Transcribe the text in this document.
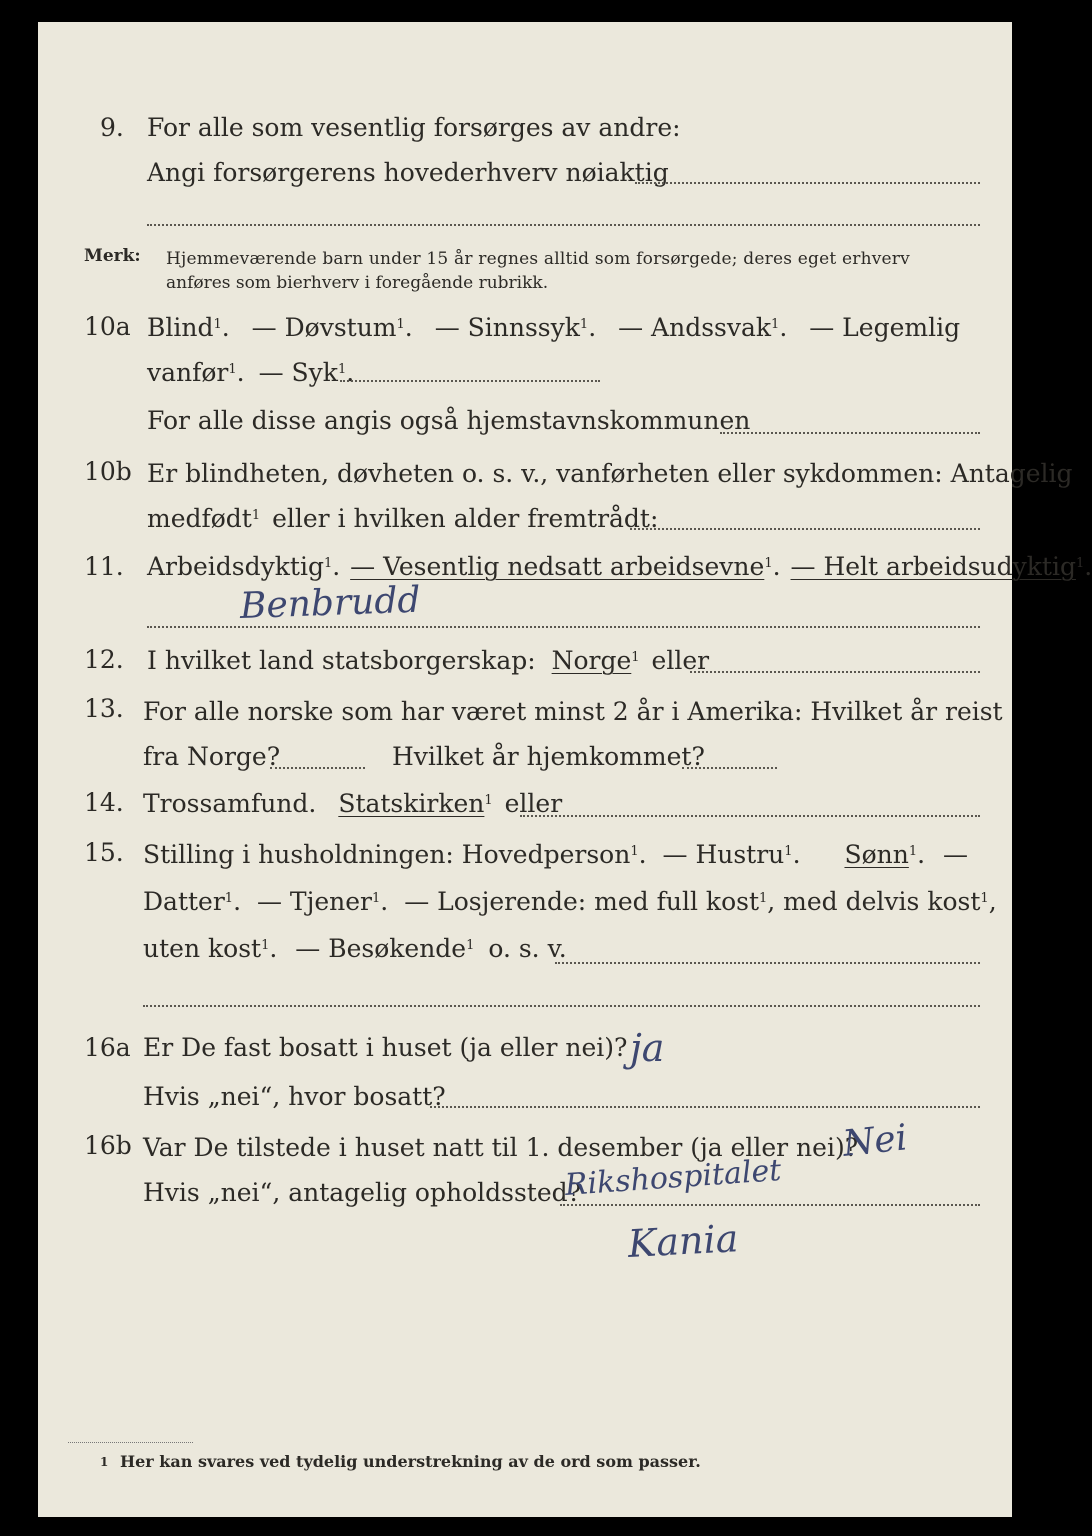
9. For alle som vesentlig forsørges av andre:
Angi forsørgerens hovederhverv nøiaktig
Merk: Hjemmeværende barn under 15 år regnes alltid som forsørgede; deres eget erhverv
anføres som bierhverv i foregående rubrikk.
10a Blind$^1$. — Døvstum$^1$. — Sinnssyk$^1$. — Andssvak$^1$. — Legemlig
vanfør$^1$. — Syk$^1$.
For alle disse angis også hjemstavnskommunen
10b Er blindheten, døvheten o. s. v., vanførheten eller sykdommen: Antagelig
medfødt$^1$ eller i hvilken alder fremtrådt:
11. Arbeidsdyktig$^1$. — Vesentlig nedsatt arbeidsevne$^1$. — Helt arbeidsudyktig$^1$.
Benbrudd
12. I hvilket land statsborgerskap: Norge$^1$ eller
13. For alle norske som har været minst 2 år i Amerika: Hvilket år reist
fra Norge?	Hvilket år hjemkommet?
14. Trossamfund. Statskirken$^1$ eller
15. Stilling i husholdningen: Hovedperson$^1$. — Hustru$^1$. Sønn$^1$. —
Datter$^1$. — Tjener$^1$. — Losjerende: med full kost$^1$, med delvis kost$^1$,
uten kost$^1$. — Besøkende$^1$ o. s. v.
16a Er De fast bosatt i huset (ja eller nei)? ja
Hvis „nei“, hvor bosatt?
16b Var De tilstede i huset natt til 1. desember (ja eller nei)?
Nei
Hvis „nei“, antagelig opholdssted?
Rikshospitalet
Kania
1 Her kan svares ved tydelig understrekning av de ord som passer.
